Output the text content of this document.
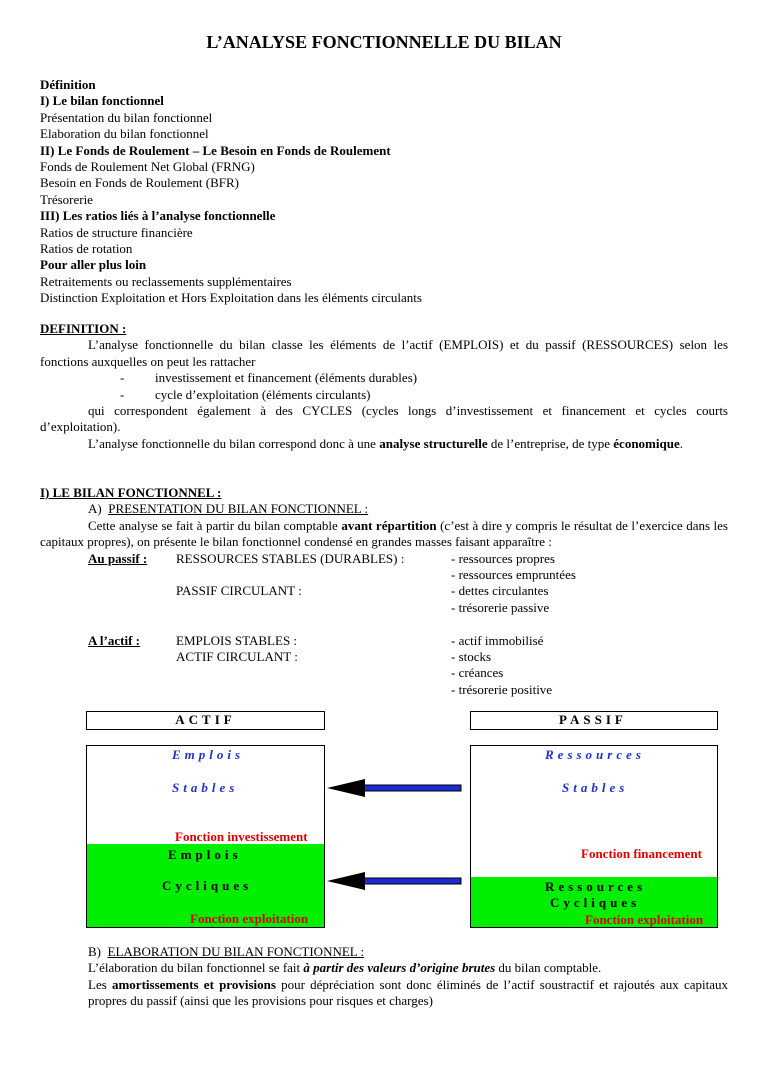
L’ANALYSE FONCTIONNELLE DU BILAN
Définition
I) Le bilan fonctionnel
Présentation du bilan fonctionnel
Elaboration du bilan fonctionnel
II) Le Fonds de Roulement – Le Besoin en Fonds de Roulement
Fonds de Roulement Net Global (FRNG)
Besoin en Fonds de Roulement (BFR)
Trésorerie
III) Les ratios liés à l’analyse fonctionnelle
Ratios de structure financière
Ratios de rotation
Pour aller plus loin
Retraitements ou reclassements supplémentaires
Distinction Exploitation et Hors Exploitation dans les éléments circulants
DEFINITION :

L’analyse fonctionnelle du bilan classe les éléments de l’actif (EMPLOIS) et du passif (RESSOURCES) selon les fonctions auxquelles on peut les rattacher

- investissement et financement (éléments durables)
- cycle d’exploitation (éléments circulants)

qui correspondent également à des CYCLES (cycles longs d’investissement et financement et cycles courts d’exploitation).

L’analyse fonctionnelle du bilan correspond donc à une analyse structurelle de l’entreprise, de type économique.

I) LE BILAN FONCTIONNEL :
A) PRESENTATION DU BILAN FONCTIONNEL :

Cette analyse se fait à partir du bilan comptable avant répartition (c’est à dire y compris le résultat de l’exercice dans les capitaux propres), on présente le bilan fonctionnel condensé en grandes masses faisant apparaître :

Au passif : RESSOURCES STABLES (DURABLES) :	- ressources propres
- ressources empruntées
PASSIF CIRCULANT :	- dettes circulantes
- trésorerie passive
A l’actif :	EMPLOIS STABLES :	- actif immobilisé
ACTIF CIRCULANT :	- stocks
- créances
- trésorerie positive
ACTIF	PASSIF
Emplois
Stables
Fonction investissement
Emplois
Cycliques
Fonction exploitation
Ressources
Stables
Fonction financement
Ressources
Cycliques
Fonction exploitation
B) ELABORATION DU BILAN FONCTIONNEL :

L’élaboration du bilan fonctionnel se fait à partir des valeurs d’origine brutes du bilan comptable.

Les amortissements et provisions pour dépréciation sont donc éliminés de l’actif soustractif et rajoutés aux capitaux propres du passif (ainsi que les provisions pour risques et charges)
